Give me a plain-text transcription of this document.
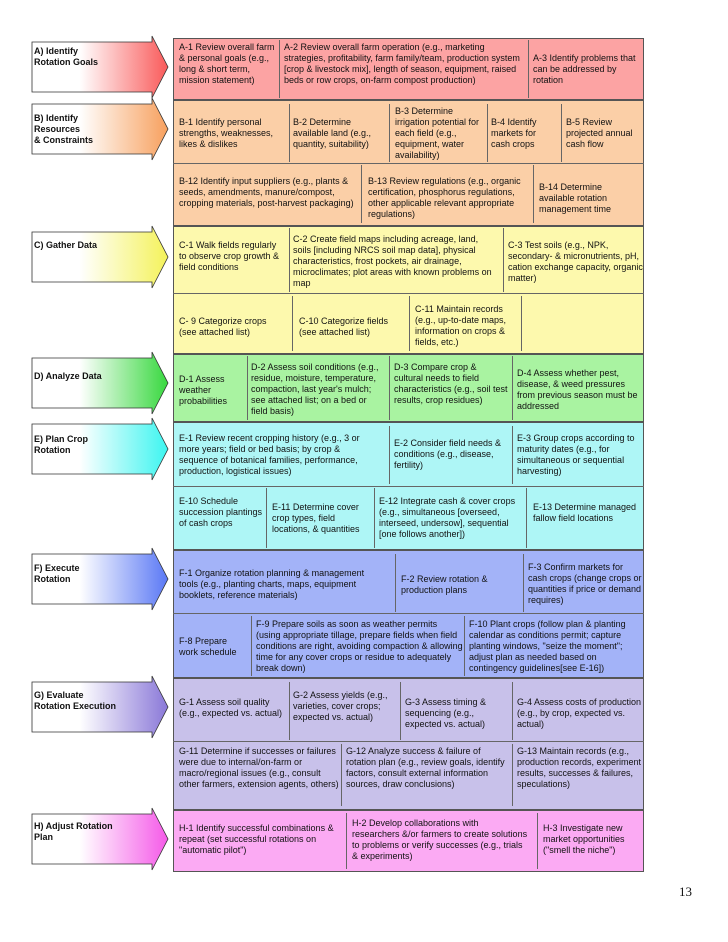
A) Identify
Rotation Goals
B) Identify
Resources
& Constraints
C) Gather Data
D) Analyze Data
E) Plan Crop
Rotation
F) Execute
Rotation
G) Evaluate
Rotation Execution
H) Adjust Rotation
Plan
A-1 Review overall farm & personal goals (e.g., long & short term, mission statement)
A-2 Review overall farm operation (e.g., marketing strategies, profitability, farm family/team, production system [crop & livestock mix], length of season, equipment, raised beds or row crops, on-farm compost production)
A-3 Identify problems that can be addressed by rotation
B-1 Identify personal strengths, weaknesses, likes & dislikes
B-2 Determine available land (e.g., quantity, suitability)
B-3 Determine irrigation potential for each field (e.g., equipment, water availability)
B-4 Identify markets for cash crops
B-5 Review projected annual cash flow
B-12 Identify input suppliers (e.g., plants & seeds, amendments, manure/compost, cropping materials, post-harvest packaging)
B-13 Review regulations (e.g., organic certification, phosphorus regulations, other applicable relevant appropriate regulations)
B-14 Determine available rotation management time
C-1 Walk fields regularly to observe crop growth & field conditions
C-2 Create field maps including acreage, land, soils [including NRCS soil map data], physical characteristics, frost pockets, air drainage, microclimates; plot areas with known problems on map
C-3 Test soils (e.g., NPK, secondary- & micronutrients, pH, cation exchange capacity, organic matter)
C- 9 Categorize crops (see attached list)
C-10 Categorize fields (see attached list)
C-11 Maintain records (e.g., up-to-date maps, information on crops & fields, etc.)
D-1 Assess weather probabilities
D-2 Assess soil conditions (e.g., residue, moisture, temperature, compaction, last year's mulch; see attached list; on a bed or field basis)
D-3 Compare crop & cultural needs to field characteristics (e.g., soil test results, crop residues)
D-4 Assess whether pest, disease, & weed pressures from previous season must be addressed
E-1 Review recent cropping history (e.g., 3 or more years; field or bed basis; by crop & sequence of botanical families, performance, production, logistical issues)
E-2 Consider field needs & conditions (e.g., disease, fertility)
E-3 Group crops according to maturity dates (e.g., for simultaneous or sequential harvesting)
E-10 Schedule succession plantings of cash crops
E-11 Determine cover crop types, field locations, & quantities
E-12 Integrate cash & cover crops (e.g., simultaneous [overseed, interseed, undersow], sequential [one follows another])
E-13 Determine managed fallow field locations
F-1 Organize rotation planning & management tools (e.g., planting charts, maps, equipment booklets, reference materials)
F-2 Review rotation & production plans
F-3 Confirm markets for cash crops (change crops or quantities if price or demand requires)
F-8 Prepare work schedule
F-9 Prepare soils as soon as weather permits (using appropriate tillage, prepare fields when field conditions are right, avoiding compaction & allowing time for any cover crops or residue to adequately break down)
F-10 Plant crops (follow plan & planting calendar as conditions permit; capture planting windows, "seize the moment"; adjust plan as needed based on contingency guidelines[see E-16])
G-1 Assess soil quality (e.g., expected vs. actual)
G-2 Assess yields (e.g., varieties, cover crops; expected vs. actual)
G-3 Assess timing & sequencing (e.g., expected vs. actual)
G-4 Assess costs of production (e.g., by crop, expected vs. actual)
G-11 Determine if successes or failures were due to internal/on-farm or macro/regional issues (e.g., consult other farmers, extension agents, others)
G-12 Analyze success & failure of rotation plan (e.g., review goals, identify factors, consult external information sources, draw conclusions)
G-13 Maintain records (e.g., production records, experiment results, successes & failures, speculations)
H-1 Identify successful combinations & repeat (set successful rotations on "automatic pilot")
H-2 Develop collaborations with researchers &/or farmers to create solutions to problems or verify successes (e.g., trials & experiments)
H-3 Investigate new market opportunities ("smell the niche")
13
